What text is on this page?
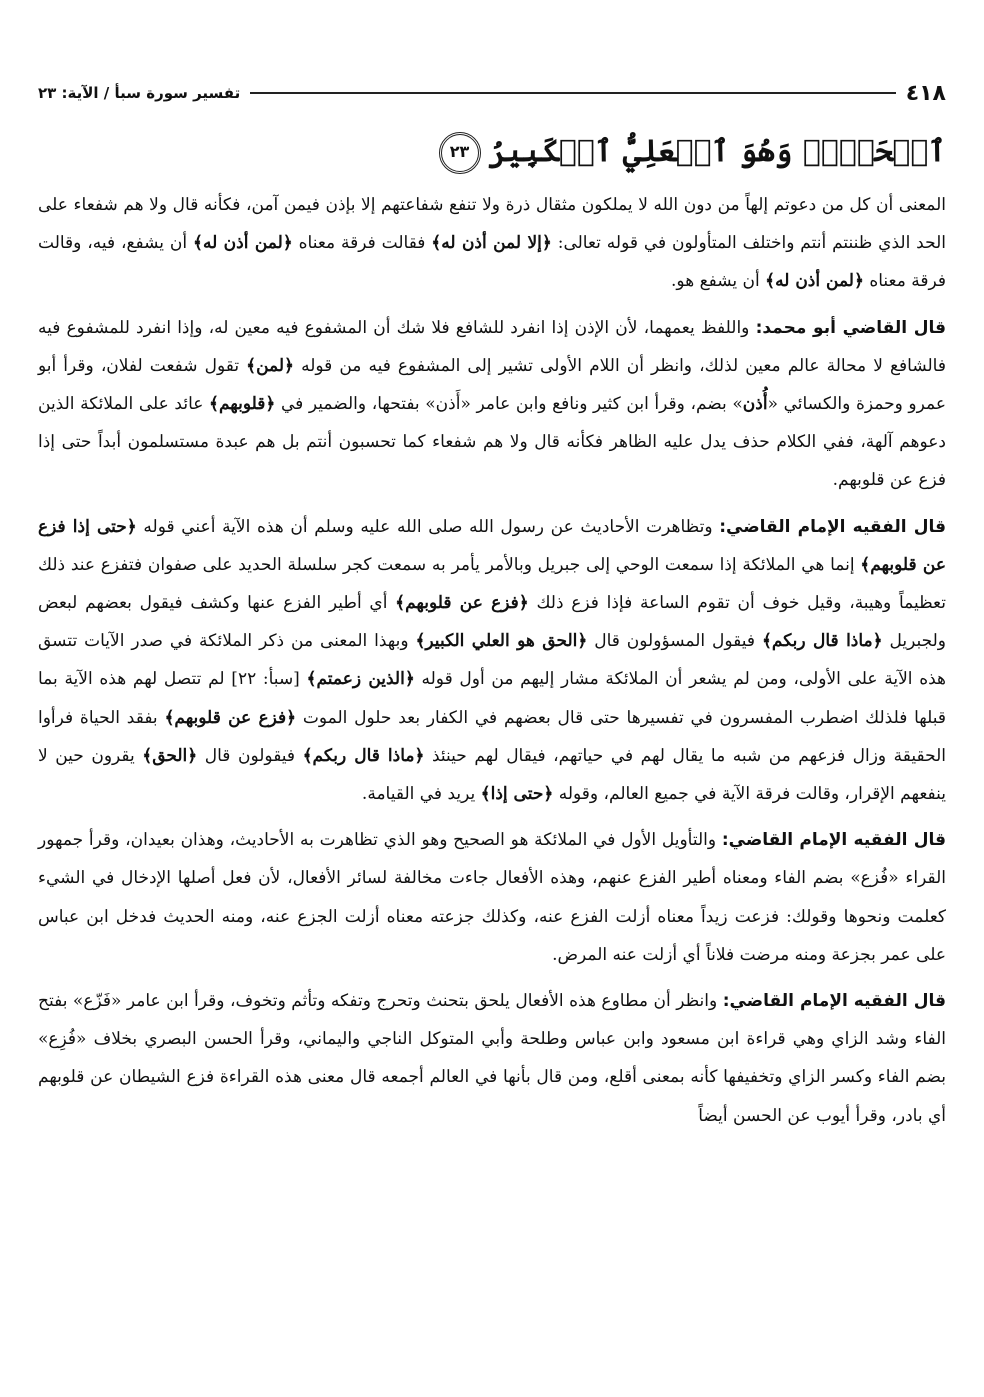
٤١٨
تفسير سورة سبأ / الآية: ٢٣
ٱلۡحَقَّۖ وَهُوَ ٱلۡعَلِيُّ ٱلۡكَبِيرُ٢٣

المعنى أن كل من دعوتم إلهاً من دون الله لا يملكون مثقال ذرة ولا تنفع شفاعتهم إلا بإذن فيمن آمن، فكأنه قال ولا هم شفعاء على الحد الذي ظننتم أنتم واختلف المتأولون في قوله تعالى: ﴿إلا لمن أذن له﴾ فقالت فرقة معناه ﴿لمن أذن له﴾ أن يشفع، فيه، وقالت فرقة معناه ﴿لمن أذن له﴾ أن يشفع هو.

قال القاضي أبو محمد: واللفظ يعمهما، لأن الإذن إذا انفرد للشافع فلا شك أن المشفوع فيه معين له، وإذا انفرد للمشفوع فيه فالشافع لا محالة عالم معين لذلك، وانظر أن اللام الأولى تشير إلى المشفوع فيه من قوله ﴿لمن﴾ تقول شفعت لفلان، وقرأ أبو عمرو وحمزة والكسائي «أُذن» بضم، وقرأ ابن كثير ونافع وابن عامر «أَذن» بفتحها، والضمير في ﴿قلوبهم﴾ عائد على الملائكة الذين دعوهم آلهة، ففي الكلام حذف يدل عليه الظاهر فكأنه قال ولا هم شفعاء كما تحسبون أنتم بل هم عبدة مستسلمون أبداً حتى إذا فزع عن قلوبهم.

قال الفقيه الإمام القاضي: وتظاهرت الأحاديث عن رسول الله صلى الله عليه وسلم أن هذه الآية أعني قوله ﴿حتى إذا فزع عن قلوبهم﴾ إنما هي الملائكة إذا سمعت الوحي إلى جبريل وبالأمر يأمر به سمعت كجر سلسلة الحديد على صفوان فتفزع عند ذلك تعظيماً وهيبة، وقيل خوف أن تقوم الساعة فإذا فزع ذلك ﴿فزع عن قلوبهم﴾ أي أطير الفزع عنها وكشف فيقول بعضهم لبعض ولجبريل ﴿ماذا قال ربكم﴾ فيقول المسؤولون قال ﴿الحق هو العلي الكبير﴾ وبهذا المعنى من ذكر الملائكة في صدر الآيات تتسق هذه الآية على الأولى، ومن لم يشعر أن الملائكة مشار إليهم من أول قوله ﴿الذين زعمتم﴾ [سبأ: ٢٢] لم تتصل لهم هذه الآية بما قبلها فلذلك اضطرب المفسرون في تفسيرها حتى قال بعضهم في الكفار بعد حلول الموت ﴿فزع عن قلوبهم﴾ بفقد الحياة فرأوا الحقيقة وزال فزعهم من شبه ما يقال لهم في حياتهم، فيقال لهم حينئذ ﴿ماذا قال ربكم﴾ فيقولون قال ﴿الحق﴾ يقرون حين لا ينفعهم الإقرار، وقالت فرقة الآية في جميع العالم، وقوله ﴿حتى إذا﴾ يريد في القيامة.

قال الفقيه الإمام القاضي: والتأويل الأول في الملائكة هو الصحيح وهو الذي تظاهرت به الأحاديث، وهذان بعيدان، وقرأ جمهور القراء «فُزع» بضم الفاء ومعناه أطير الفزع عنهم، وهذه الأفعال جاءت مخالفة لسائر الأفعال، لأن فعل أصلها الإدخال في الشيء كعلمت ونحوها وقولك: فزعت زيداً معناه أزلت الفزع عنه، وكذلك جزعته معناه أزلت الجزع عنه، ومنه الحديث فدخل ابن عباس على عمر بجزعة ومنه مرضت فلاناً أي أزلت عنه المرض.

قال الفقيه الإمام القاضي: وانظر أن مطاوع هذه الأفعال يلحق بتحنث وتحرج وتفكه وتأثم وتخوف، وقرأ ابن عامر «فَزّع» بفتح الفاء وشد الزاي وهي قراءة ابن مسعود وابن عباس وطلحة وأبي المتوكل الناجي واليماني، وقرأ الحسن البصري بخلاف «فُزِع» بضم الفاء وكسر الزاي وتخفيفها كأنه بمعنى أقلع، ومن قال بأنها في العالم أجمعه قال معنى هذه القراءة فزع الشيطان عن قلوبهم أي بادر، وقرأ أيوب عن الحسن أيضاً
